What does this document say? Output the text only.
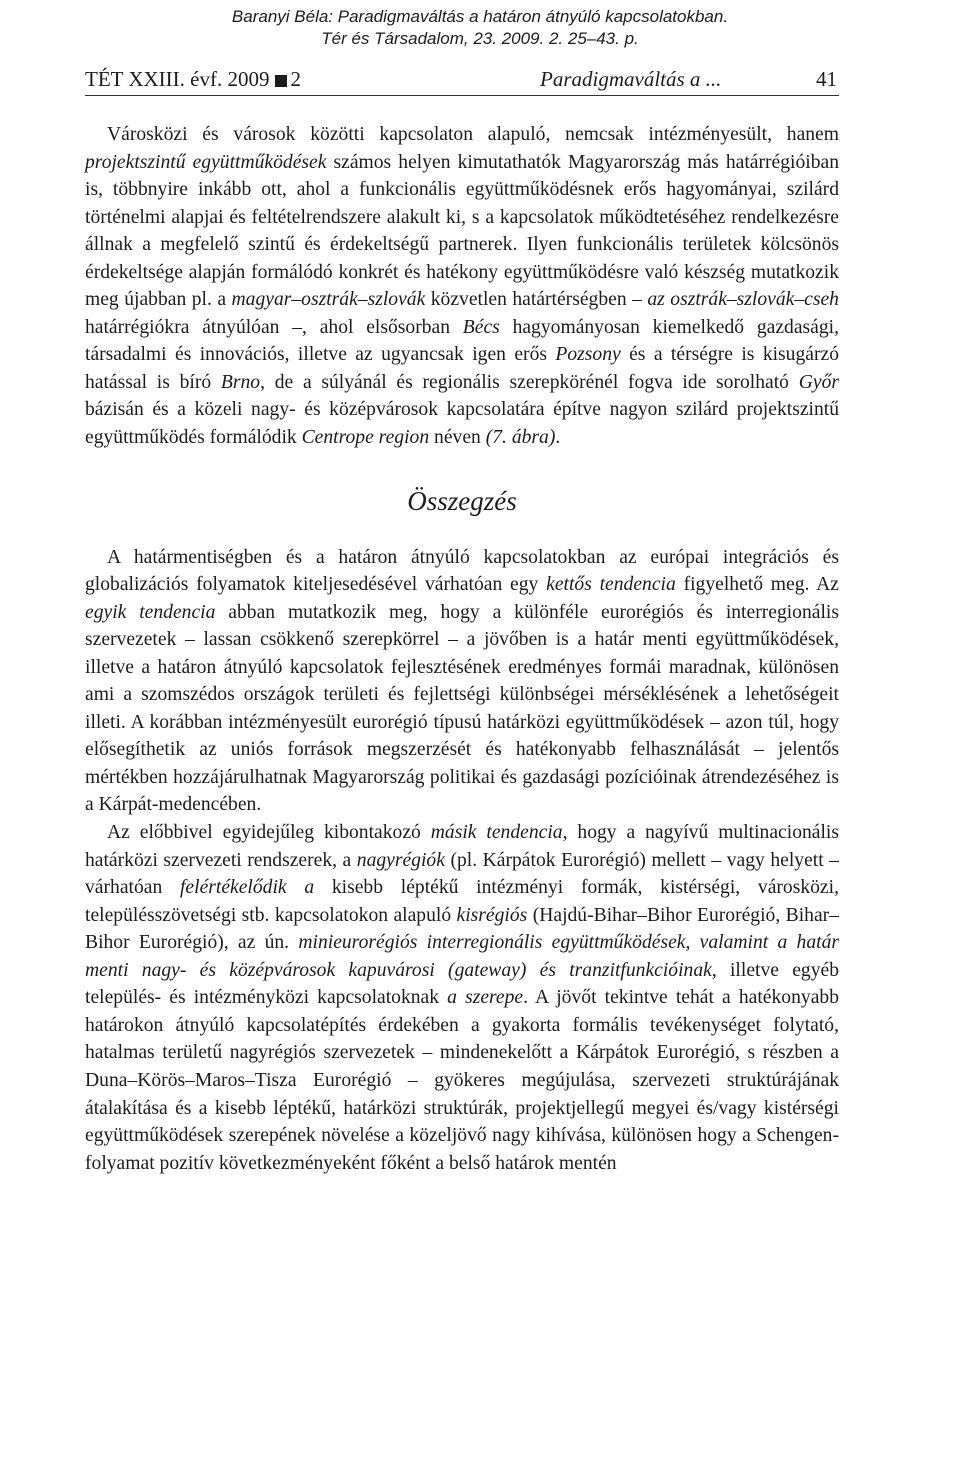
Baranyi Béla: Paradigmaváltás a határon átnyúló kapcsolatokban.
Tér és Társadalom, 23. 2009. 2. 25–43. p.
TÉT XXIII. évf. 2009 2	Paradigmaváltás a ...	41

Városközi és városok közötti kapcsolaton alapuló, nemcsak intézményesült, hanem projektszintű együttműködések számos helyen kimutathatók Magyarország más határrégióiban is, többnyire inkább ott, ahol a funkcionális együttműködésnek erős hagyományai, szilárd történelmi alapjai és feltételrendszere alakult ki, s a kapcsolatok működtetéséhez rendelkezésre állnak a megfelelő szintű és érdekeltségű partnerek. Ilyen funkcionális területek kölcsönös érdekeltsége alapján formálódó konkrét és hatékony együttműködésre való készség mutatkozik meg újabban pl. a magyar–osztrák–szlovák közvetlen határtérségben – az osztrák–szlovák–cseh határrégiókra átnyúlóan –, ahol elsősorban Bécs hagyományosan kiemelkedő gazdasági, társadalmi és innovációs, illetve az ugyancsak igen erős Pozsony és a térségre is kisugárzó hatással is bíró Brno, de a súlyánál és regionális szerepkörénél fogva ide sorolható Győr bázisán és a közeli nagy- és középvárosok kapcsolatára építve nagyon szilárd projektszintű együttműködés formálódik Centrope region néven (7. ábra).

Összegzés

A határmentiségben és a határon átnyúló kapcsolatokban az európai integrációs és globalizációs folyamatok kiteljesedésével várhatóan egy kettős tendencia figyelhető meg. Az egyik tendencia abban mutatkozik meg, hogy a különféle eurorégiós és interregionális szervezetek – lassan csökkenő szerepkörrel – a jövőben is a határ menti együttműködések, illetve a határon átnyúló kapcsolatok fejlesztésének eredményes formái maradnak, különösen ami a szomszédos országok területi és fejlettségi különbségei mérséklésének a lehetőségeit illeti. A korábban intézményesült eurorégió típusú határközi együttműködések – azon túl, hogy elősegíthetik az uniós források megszerzését és hatékonyabb felhasználását – jelentős mértékben hozzájárulhatnak Magyarország politikai és gazdasági pozícióinak átrendezéséhez is a Kárpát-medencében.

Az előbbivel egyidejűleg kibontakozó másik tendencia, hogy a nagyívű multinacionális határközi szervezeti rendszerek, a nagyrégiók (pl. Kárpátok Eurorégió) mellett – vagy helyett – várhatóan felértékelődik a kisebb léptékű intézményi formák, kistérségi, városközi, településszövetségi stb. kapcsolatokon alapuló kisrégiós (Hajdú-Bihar–Bihor Eurorégió, Bihar–Bihor Eurorégió), az ún. minieurorégiós interregionális együttműködések, valamint a határ menti nagy- és középvárosok kapuvárosi (gateway) és tranzitfunkcióinak, illetve egyéb település- és intézményközi kapcsolatoknak a szerepe. A jövőt tekintve tehát a hatékonyabb határokon átnyúló kapcsolatépítés érdekében a gyakorta formális tevékenységet folytató, hatalmas területű nagyrégiós szervezetek – mindenekelőtt a Kárpátok Eurorégió, s részben a Duna–Körös–Maros–Tisza Eurorégió – gyökeres megújulása, szervezeti struktúrájának átalakítása és a kisebb léptékű, határközi struktúrák, projektjellegű megyei és/vagy kistérségi együttműködések szerepének növelése a közeljövő nagy kihívása, különösen hogy a Schengen-folyamat pozitív következményeként főként a belső határok mentén
